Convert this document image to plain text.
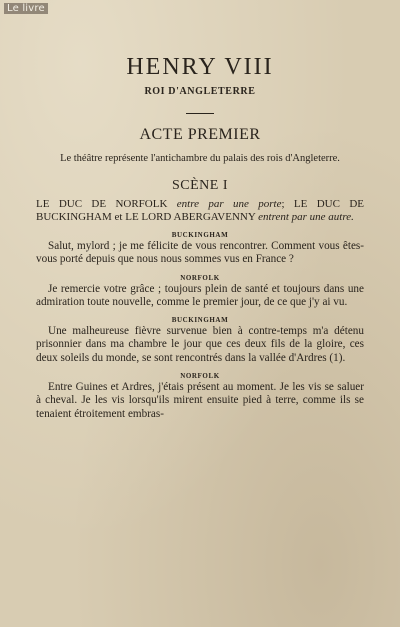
Le livre
HENRY VIII
ROI D'ANGLETERRE
ACTE PREMIER
Le théâtre représente l'antichambre du palais des rois d'Angleterre.
SCÈNE I
LE DUC DE NORFOLK entre par une porte; LE DUC DE BUCKINGHAM et LE LORD ABERGAVENNY entrent par une autre.
BUCKINGHAM
Salut, mylord ; je me félicite de vous rencontrer. Comment vous êtes-vous porté depuis que nous nous sommes vus en France ?
NORFOLK
Je remercie votre grâce ; toujours plein de santé et toujours dans une admiration toute nouvelle, comme le premier jour, de ce que j'y ai vu.
BUCKINGHAM
Une malheureuse fièvre survenue bien à contre-temps m'a détenu prisonnier dans ma chambre le jour que ces deux fils de la gloire, ces deux soleils du monde, se sont rencontrés dans la vallée d'Ardres (1).
NORFOLK
Entre Guines et Ardres, j'étais présent au moment. Je les vis se saluer à cheval. Je les vis lorsqu'ils mirent ensuite pied à terre, comme ils se tenaient étroitement embras-
